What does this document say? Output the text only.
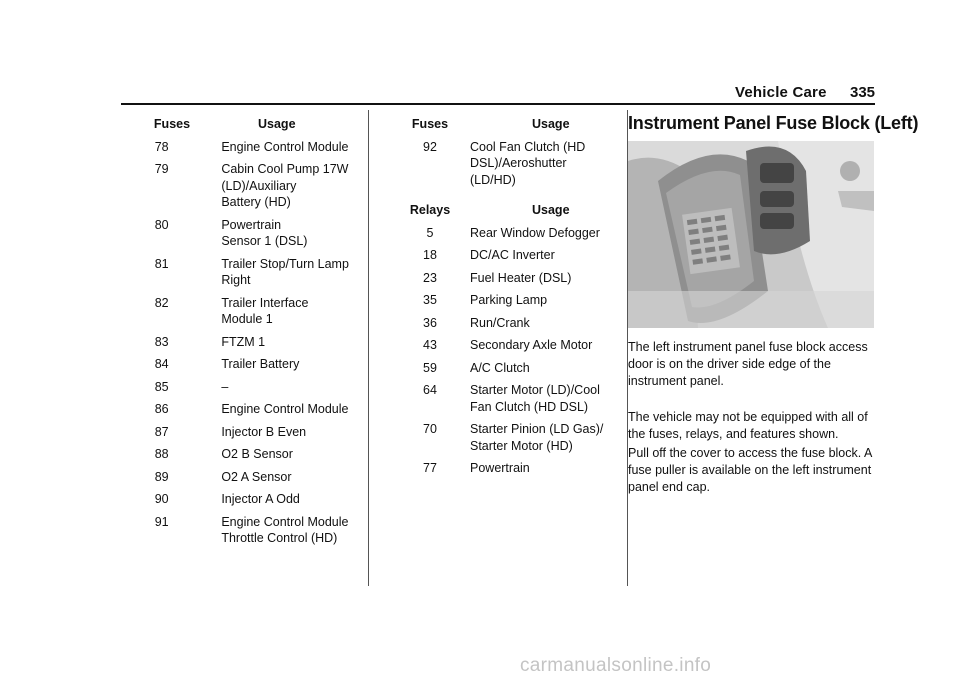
Vehicle Care 335
Fuses	Usage
78	Engine Control Module
79	Cabin Cool Pump 17W
(LD)/Auxiliary
Battery (HD)
80	Powertrain
Sensor 1 (DSL)
81	Trailer Stop/Turn Lamp
Right
82	Trailer Interface
Module 1
83	FTZM 1
84	Trailer Battery
85	–
86	Engine Control Module
87	Injector B Even
88	O2 B Sensor
89	O2 A Sensor
90	Injector A Odd
91	Engine Control Module
Throttle Control (HD)
Fuses	Usage
92	Cool Fan Clutch (HD
DSL)/Aeroshutter
(LD/HD)
Relays	Usage
5	Rear Window Defogger
18	DC/AC Inverter
23	Fuel Heater (DSL)
35	Parking Lamp
36	Run/Crank
43	Secondary Axle Motor
59	A/C Clutch
64	Starter Motor (LD)/Cool
Fan Clutch (HD DSL)
70	Starter Pinion (LD Gas)/
Starter Motor (HD)
77	Powertrain
Instrument Panel Fuse Block (Left)
The left instrument panel fuse block access door is on the driver side edge of the instrument panel.
The vehicle may not be equipped with all of the fuses, relays, and features shown.
Pull off the cover to access the fuse block. A fuse puller is available on the left instrument panel end cap.
carmanualsonline.info
